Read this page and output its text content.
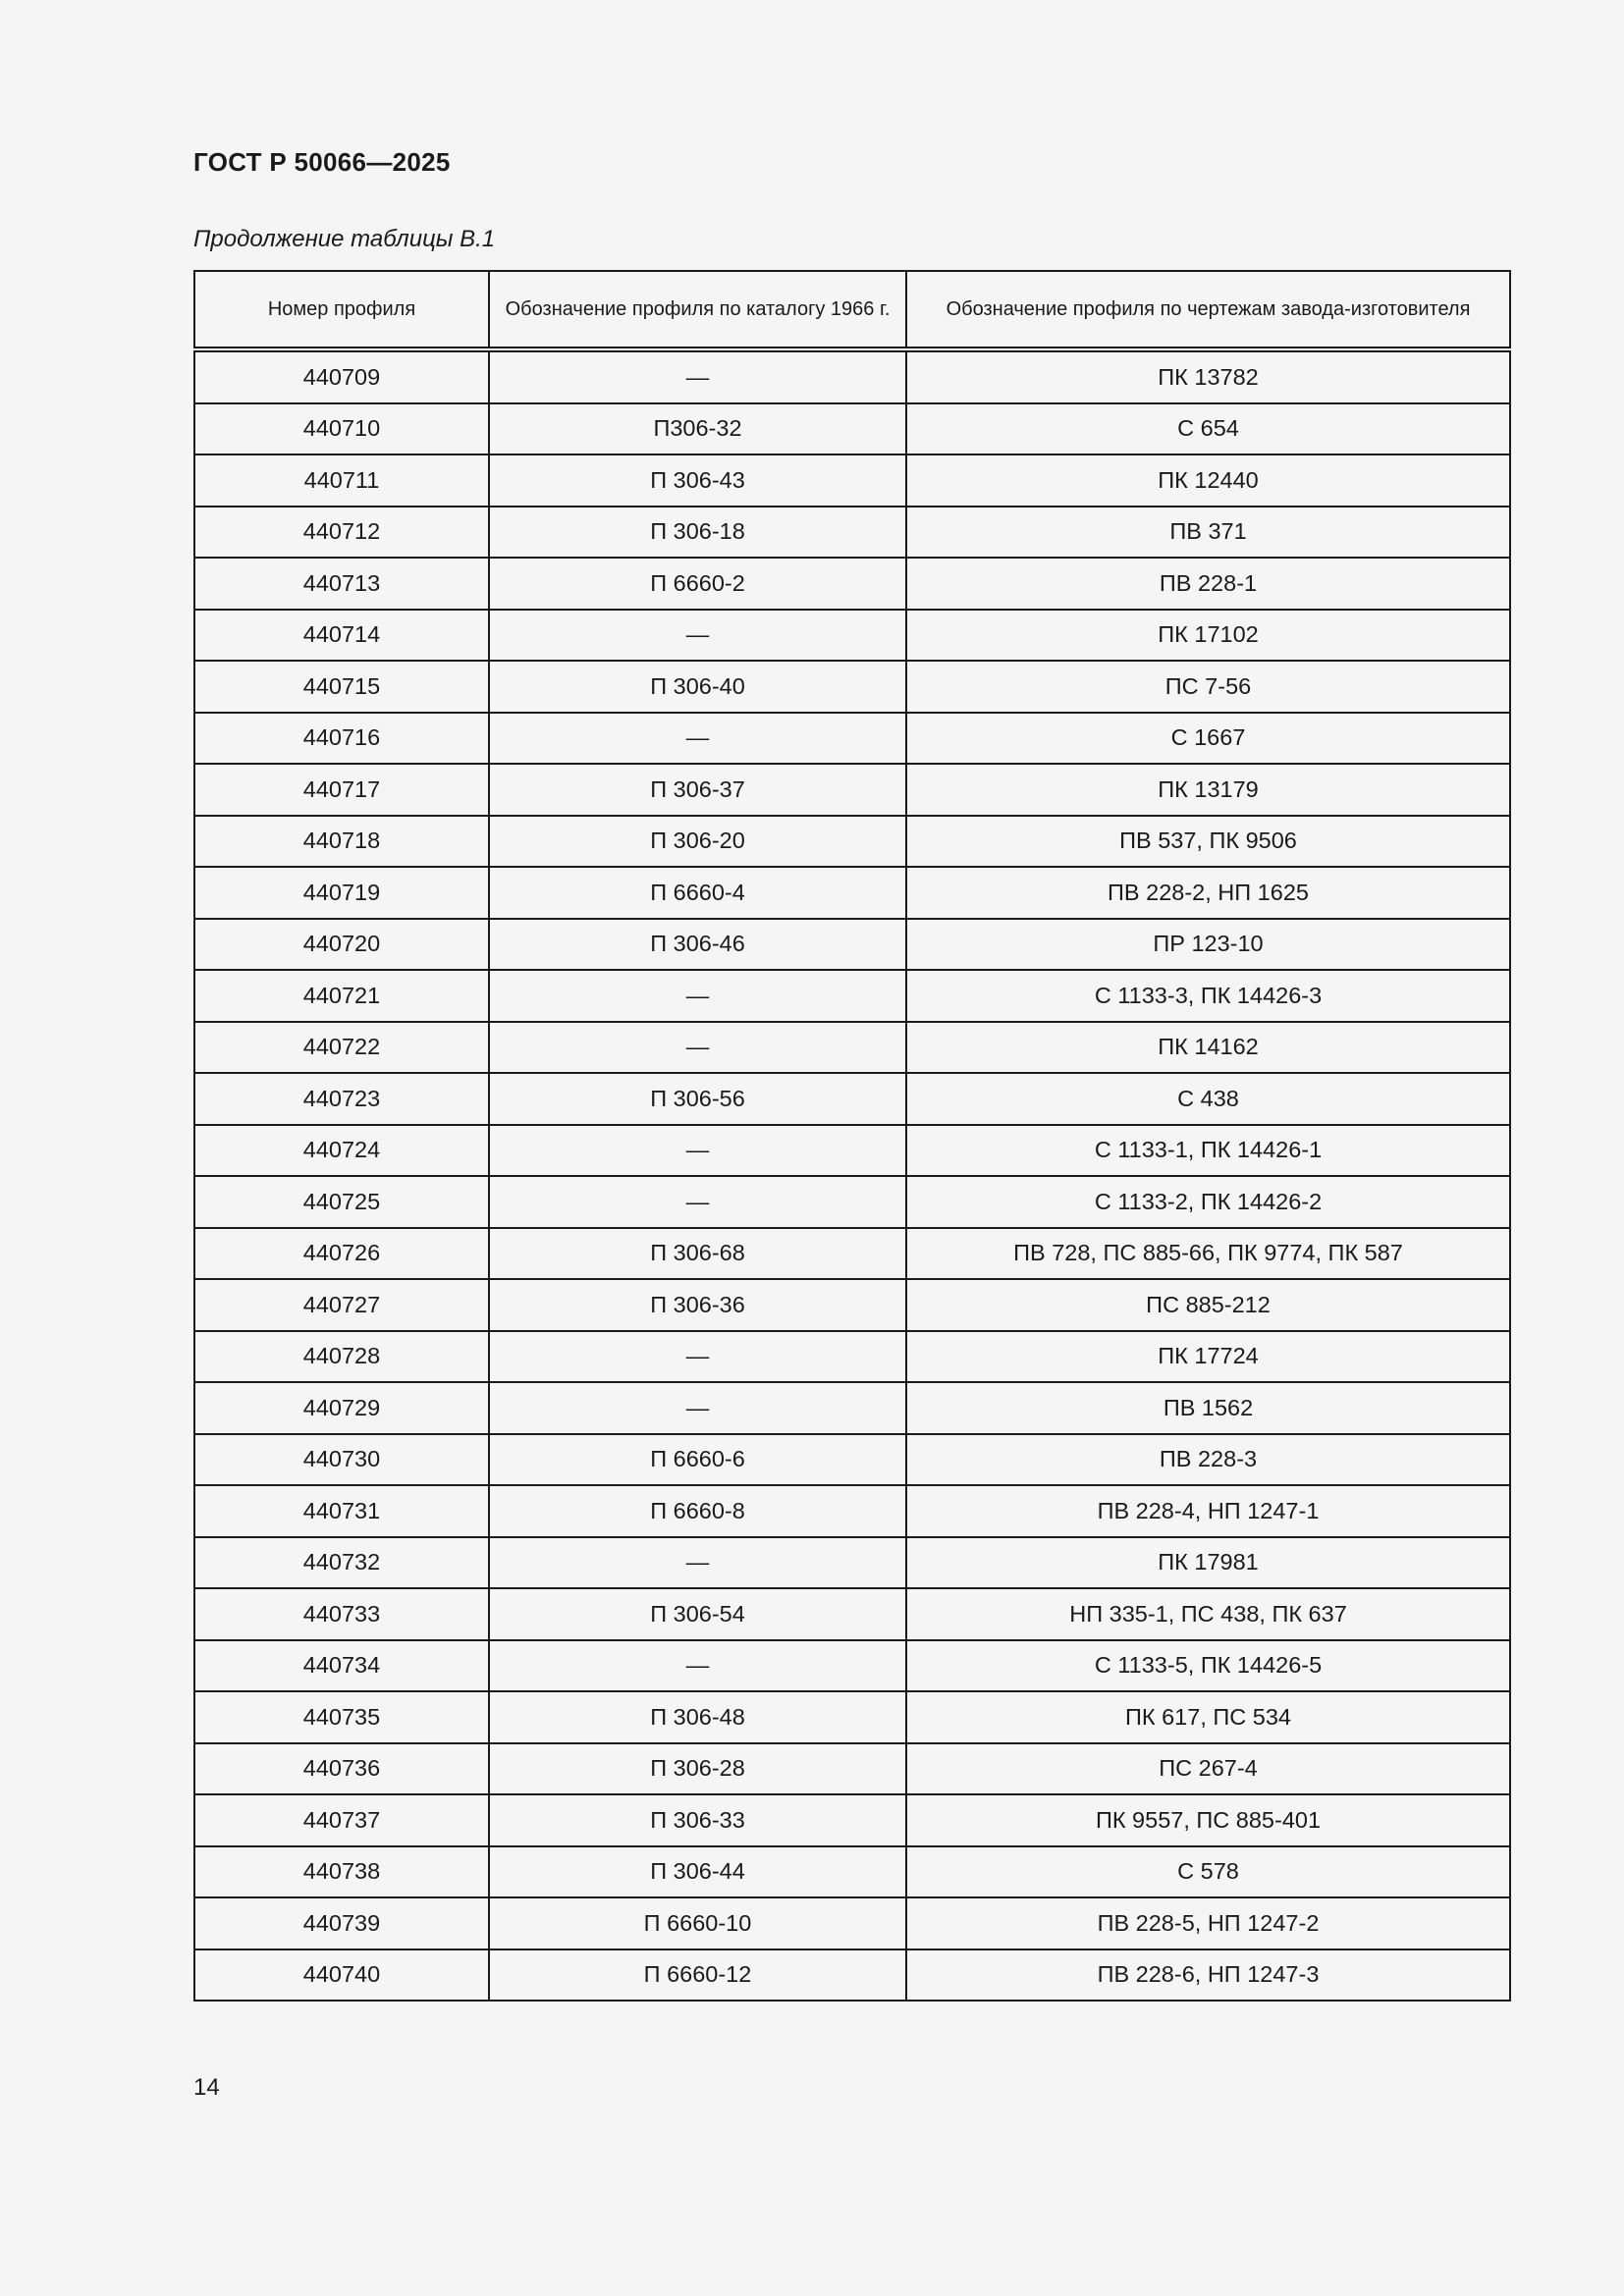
ГОСТ Р 50066—2025
Продолжение таблицы В.1
Номер профиля	Обозначение профиля по каталогу 1966 г.	Обозначение профиля по чертежам завода-изготовителя
440709	—	ПК 13782
440710	П306-32	С 654
440711	П 306-43	ПК 12440
440712	П 306-18	ПВ 371
440713	П 6660-2	ПВ 228-1
440714	—	ПК 17102
440715	П 306-40	ПС 7-56
440716	—	С 1667
440717	П 306-37	ПК 13179
440718	П 306-20	ПВ 537, ПК 9506
440719	П 6660-4	ПВ 228-2, НП 1625
440720	П 306-46	ПР 123-10
440721	—	С 1133-3, ПК 14426-3
440722	—	ПК 14162
440723	П 306-56	С 438
440724	—	С 1133-1, ПК 14426-1
440725	—	С 1133-2, ПК 14426-2
440726	П 306-68	ПВ 728, ПС 885-66, ПК 9774, ПК 587
440727	П 306-36	ПС 885-212
440728	—	ПК 17724
440729	—	ПВ 1562
440730	П 6660-6	ПВ 228-3
440731	П 6660-8	ПВ 228-4, НП 1247-1
440732	—	ПК 17981
440733	П 306-54	НП 335-1, ПС 438, ПК 637
440734	—	С 1133-5, ПК 14426-5
440735	П 306-48	ПК 617, ПС 534
440736	П 306-28	ПС 267-4
440737	П 306-33	ПК 9557, ПС 885-401
440738	П 306-44	С 578
440739	П 6660-10	ПВ 228-5, НП 1247-2
440740	П 6660-12	ПВ 228-6, НП 1247-3
14
